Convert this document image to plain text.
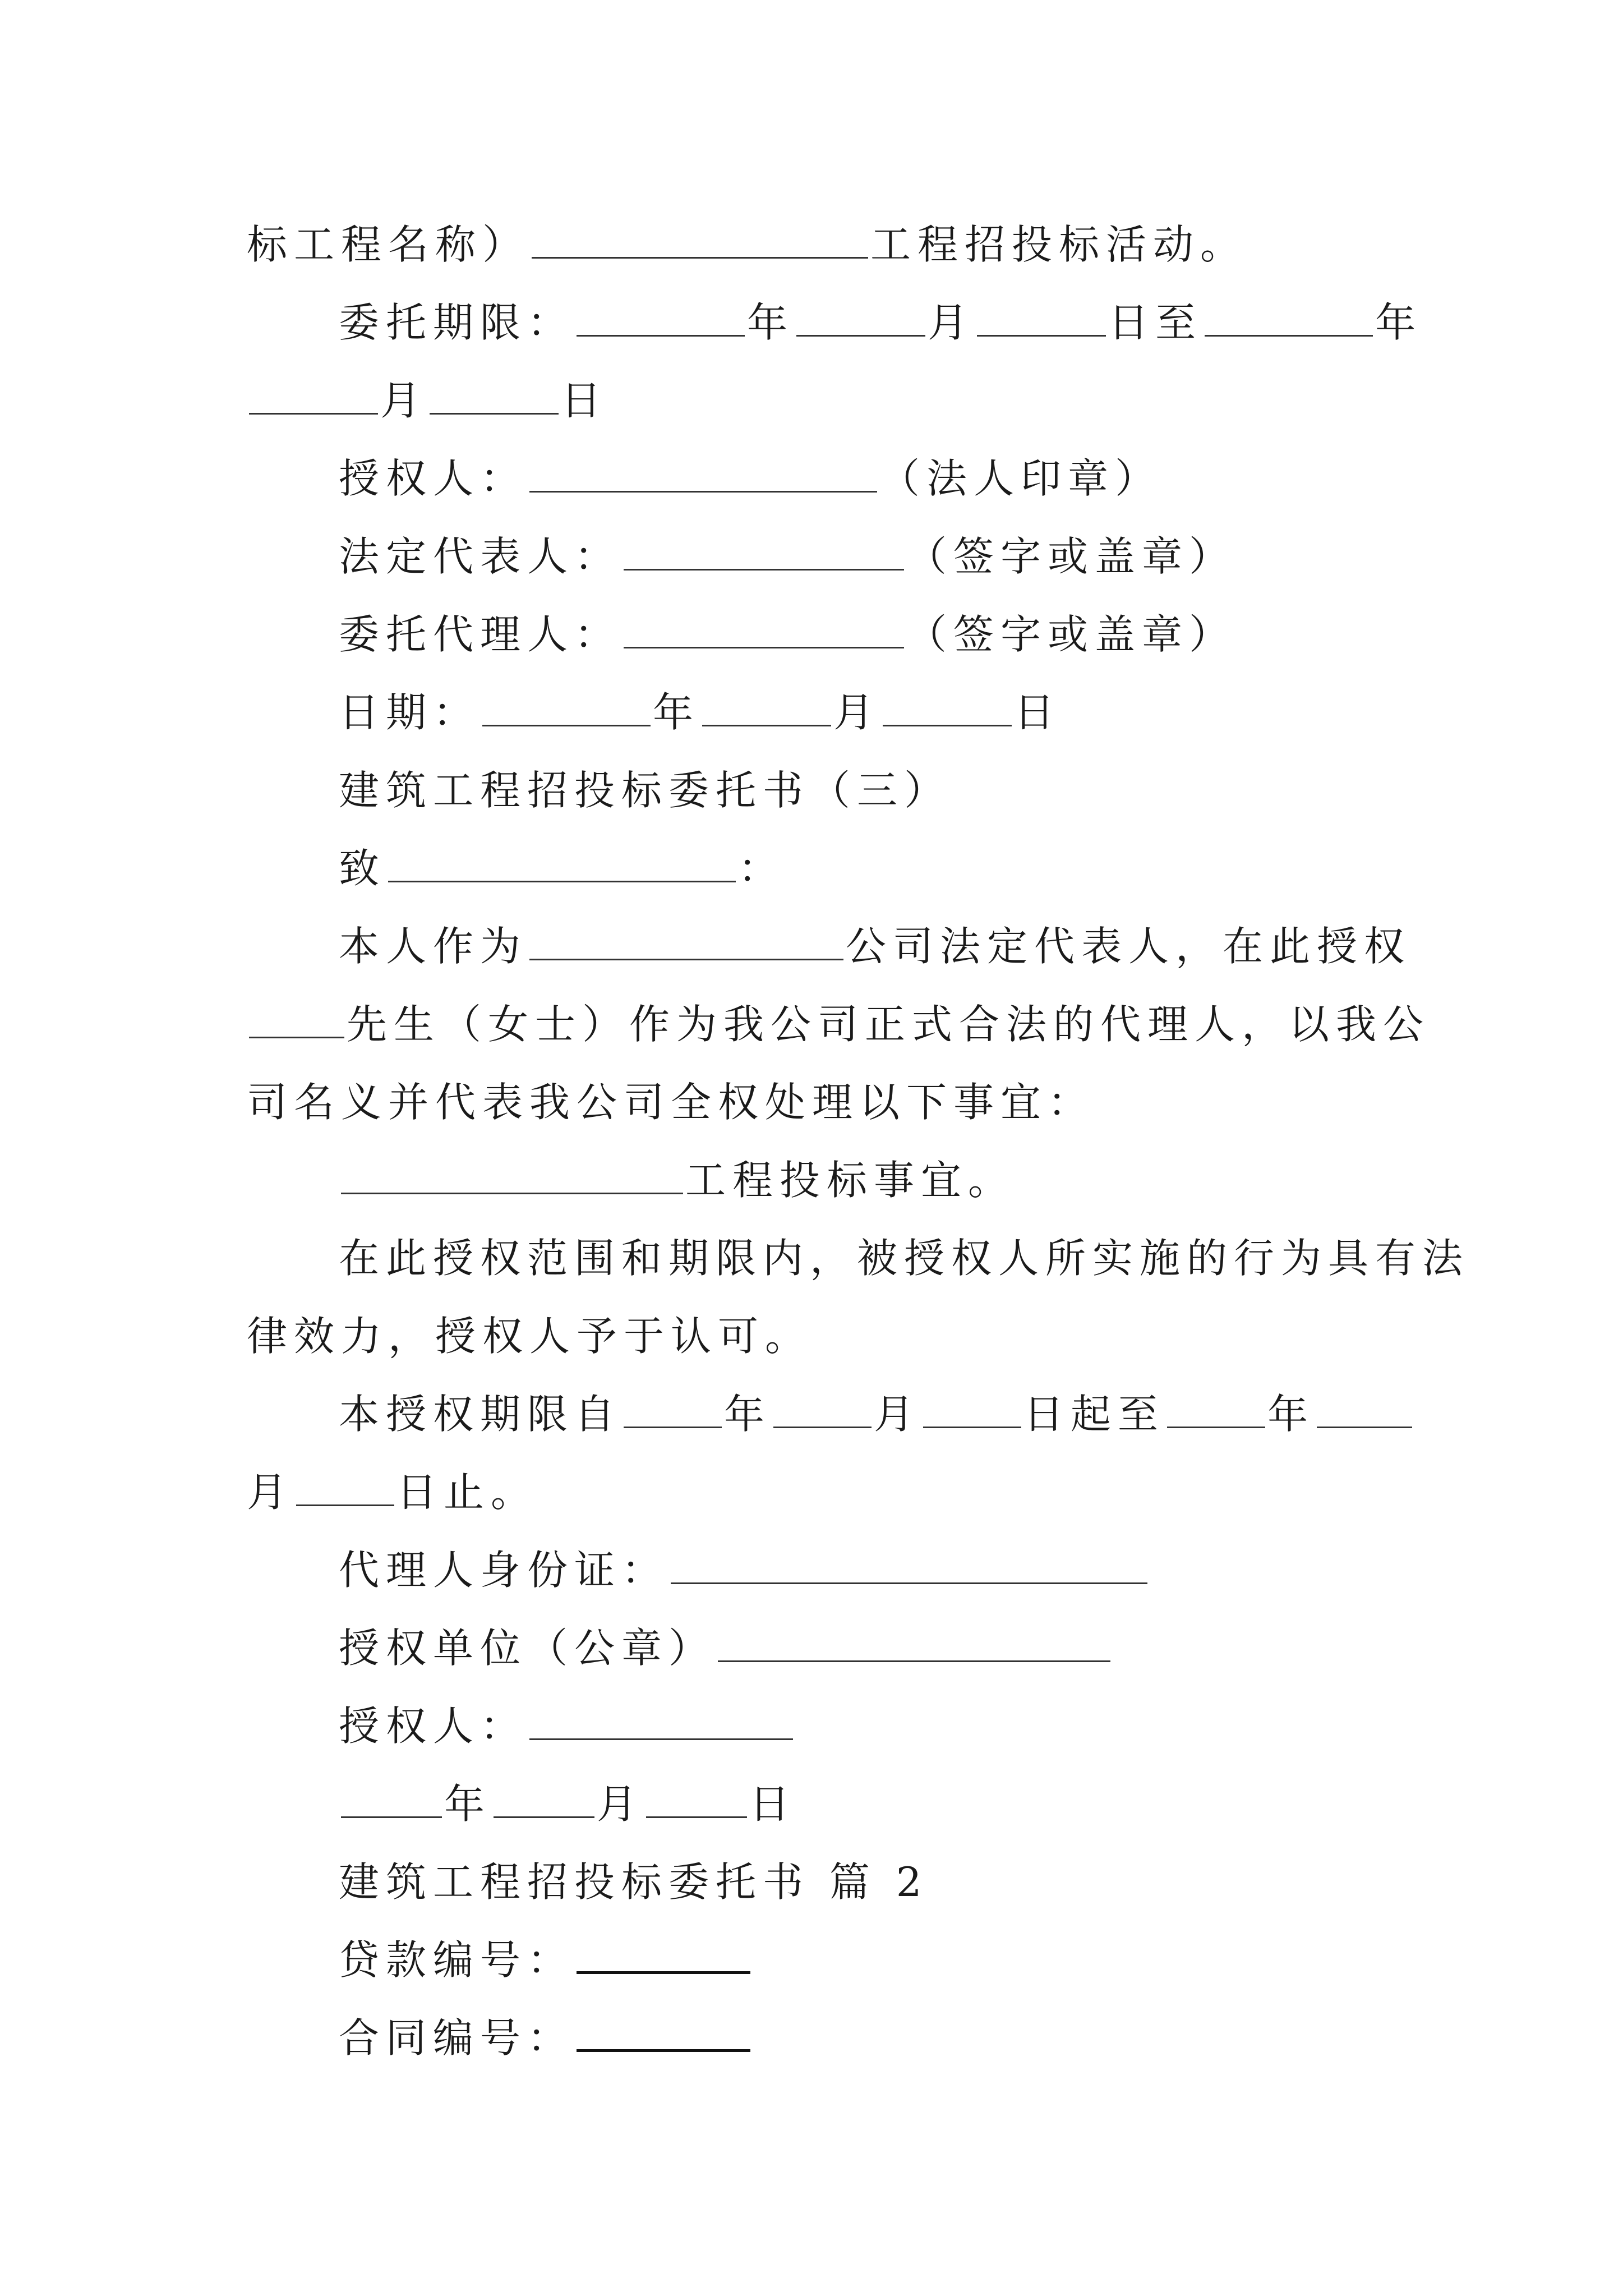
标工程名称）	工程招投标活动。
委托期限：	年	月	日至	年
月	日
授权人：	（法人印章）
法定代表人：	（签字或盖章）
委托代理人：	（签字或盖章）
日期：	年	月	日
建筑工程招投标委托书（三）
致	：
本人作为	公司法定代表人，在此授权
先生（女士）作为我公司正式合法的代理人，以我公
司名义并代表我公司全权处理以下事宜：
工程投标事宜。
在此授权范围和期限内，被授权人所实施的行为具有法
律效力，授权人予于认可。
本授权期限自	年	月	日起至	年
月	日止。
代理人身份证：
授权单位（公章）
授权人：
年	月	日
建筑工程招投标委托书 篇 2
贷款编号：
合同编号：
